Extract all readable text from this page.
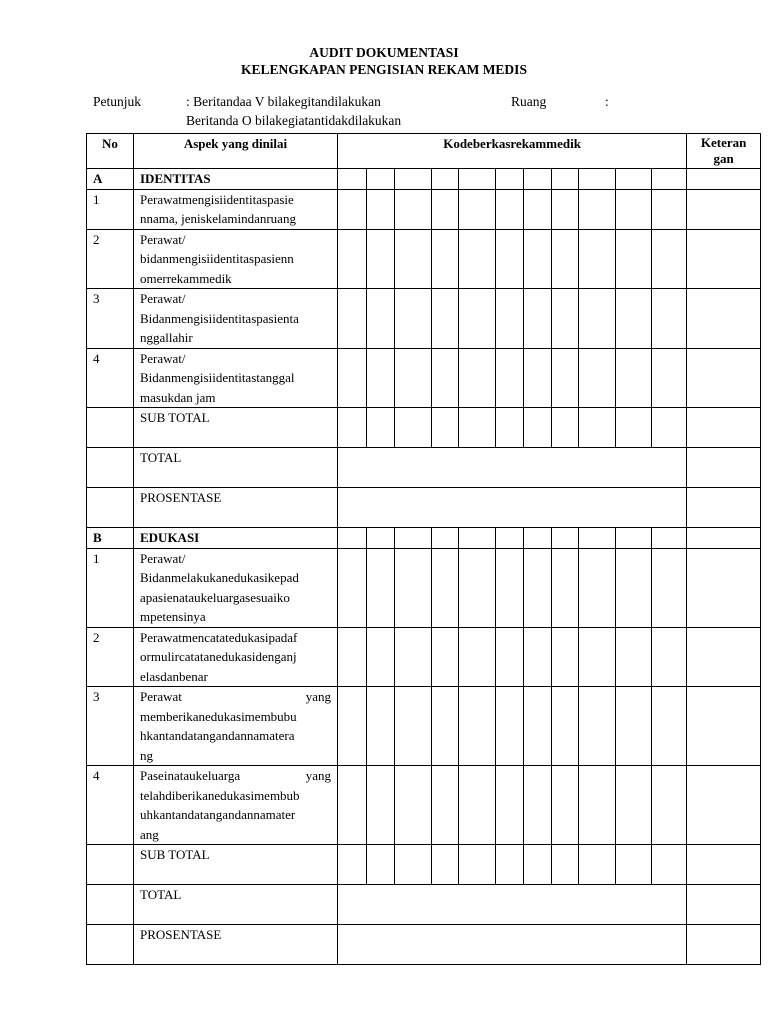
AUDIT DOKUMENTASI
KELENGKAPAN PENGISIAN REKAM MEDIS
Petunjuk	: Beritandaa V bilakegitandilakukan	Ruang	:
Beritanda O bilakegiatantidakdilakukan
No	Aspek yang dinilai	Kodeberkasrekammedik											Keteran
gan
A	IDENTITAS												
1	Perawatmengisiidentitaspasie
nnama, jeniskelamindanruang												

2	Perawat/
bidanmengisiidentitaspasienn
omerrekammedik												

3	Perawat/
Bidanmengisiidentitaspasienta
nggallahir												

4	Perawat/
Bidanmengisiidentitastanggal
masukdan jam												

	SUB TOTAL												
	TOTAL												
	PROSENTASE												
B	EDUKASI												
1	Perawat/
Bidanmelakukanedukasikepad
apasienataukeluargasesuaiko
mpetensinya												

2	Perawatmencatatedukasipadaf
ormulircatatanedukasidenganj
elasdanbenar												

3	Perawat yang
memberikanedukasimembubu
hkantandatangandannamatera
ng												

4	Paseinataukeluarga yang
telahdiberikanedukasimembub
uhkantandatangandannamater
ang												

	SUB TOTAL												
	TOTAL												
	PROSENTASE												
